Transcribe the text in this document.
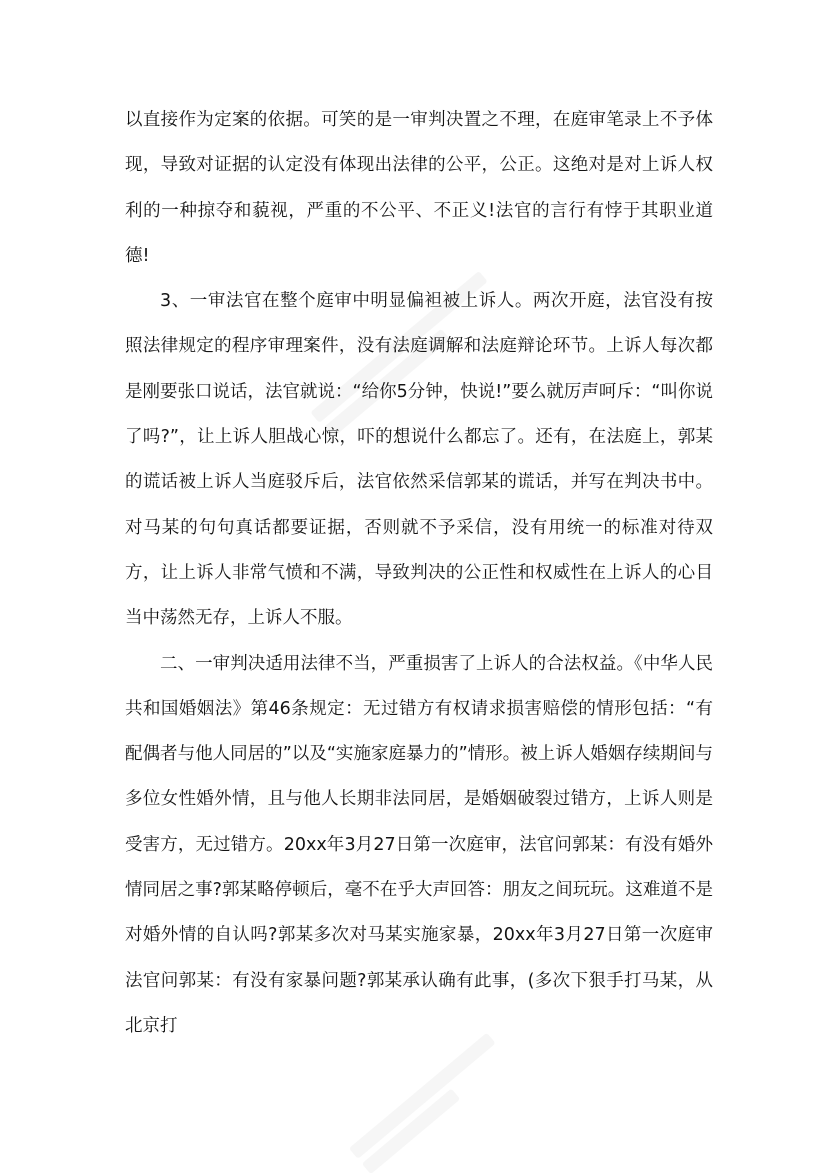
以直接作为定案的依据。可笑的是一审判决置之不理，在庭审笔录上不予体现，导致对证据的认定没有体现出法律的公平，公正。这绝对是对上诉人权利的一种掠夺和藐视，严重的不公平、不正义!法官的言行有悖于其职业道德!

3、一审法官在整个庭审中明显偏袒被上诉人。两次开庭，法官没有按照法律规定的程序审理案件，没有法庭调解和法庭辩论环节。上诉人每次都是刚要张口说话，法官就说：“给你5分钟，快说!”要么就厉声呵斥：“叫你说了吗?”，让上诉人胆战心惊，吓的想说什么都忘了。还有，在法庭上，郭某的谎话被上诉人当庭驳斥后，法官依然采信郭某的谎话，并写在判决书中。对马某的句句真话都要证据，否则就不予采信，没有用统一的标准对待双方，让上诉人非常气愤和不满，导致判决的公正性和权威性在上诉人的心目当中荡然无存，上诉人不服。

二、一审判决适用法律不当，严重损害了上诉人的合法权益。《中华人民共和国婚姻法》第46条规定：无过错方有权请求损害赔偿的情形包括：“有配偶者与他人同居的”以及“实施家庭暴力的”情形。被上诉人婚姻存续期间与多位女性婚外情，且与他人长期非法同居，是婚姻破裂过错方，上诉人则是受害方，无过错方。20xx年3月27日第一次庭审，法官问郭某：有没有婚外情同居之事?郭某略停顿后，毫不在乎大声回答：朋友之间玩玩。这难道不是对婚外情的自认吗?郭某多次对马某实施家暴，20xx年3月27日第一次庭审法官问郭某：有没有家暴问题?郭某承认确有此事，(多次下狠手打马某，从北京打
